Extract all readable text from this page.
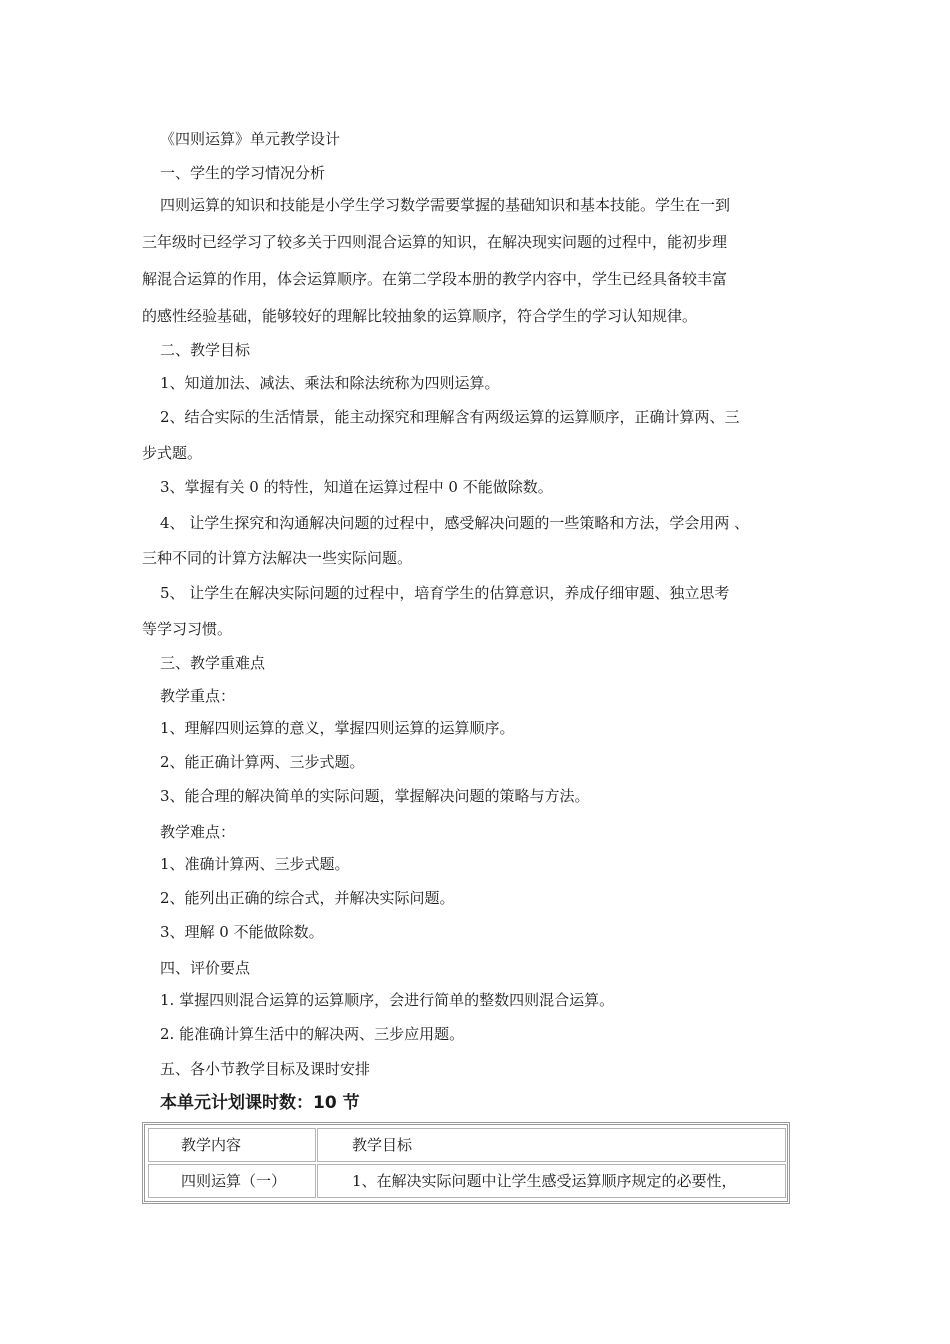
《四则运算》单元教学设计
一、学生的学习情况分析
四则运算的知识和技能是小学生学习数学需要掌握的基础知识和基本技能。学生在一到
三年级时已经学习了较多关于四则混合运算的知识，在解决现实问题的过程中，能初步理
解混合运算的作用，体会运算顺序。在第二学段本册的教学内容中，学生已经具备较丰富
的感性经验基础，能够较好的理解比较抽象的运算顺序，符合学生的学习认知规律。
二、教学目标
1、知道加法、减法、乘法和除法统称为四则运算。
2、结合实际的生活情景，能主动探究和理解含有两级运算的运算顺序，正确计算两、三
步式题。
3、掌握有关 0 的特性，知道在运算过程中 0 不能做除数。
4、 让学生探究和沟通解决问题的过程中，感受解决问题的一些策略和方法，学会用两 、
三种不同的计算方法解决一些实际问题。
5、 让学生在解决实际问题的过程中，培育学生的估算意识，养成仔细审题、独立思考
等学习习惯。
三、教学重难点
教学重点：
1、理解四则运算的意义，掌握四则运算的运算顺序。
2、能正确计算两、三步式题。
3、能合理的解决简单的实际问题，掌握解决问题的策略与方法。
教学难点：
1、准确计算两、三步式题。
2、能列出正确的综合式，并解决实际问题。
3、理解 0 不能做除数。
四、评价要点
1. 掌握四则混合运算的运算顺序，会进行简单的整数四则混合运算。
2. 能准确计算生活中的解决两、三步应用题。
五、各小节教学目标及课时安排
本单元计划课时数：10 节
教学内容	教学目标
四则运算（一）	1、在解决实际问题中让学生感受运算顺序规定的必要性，
